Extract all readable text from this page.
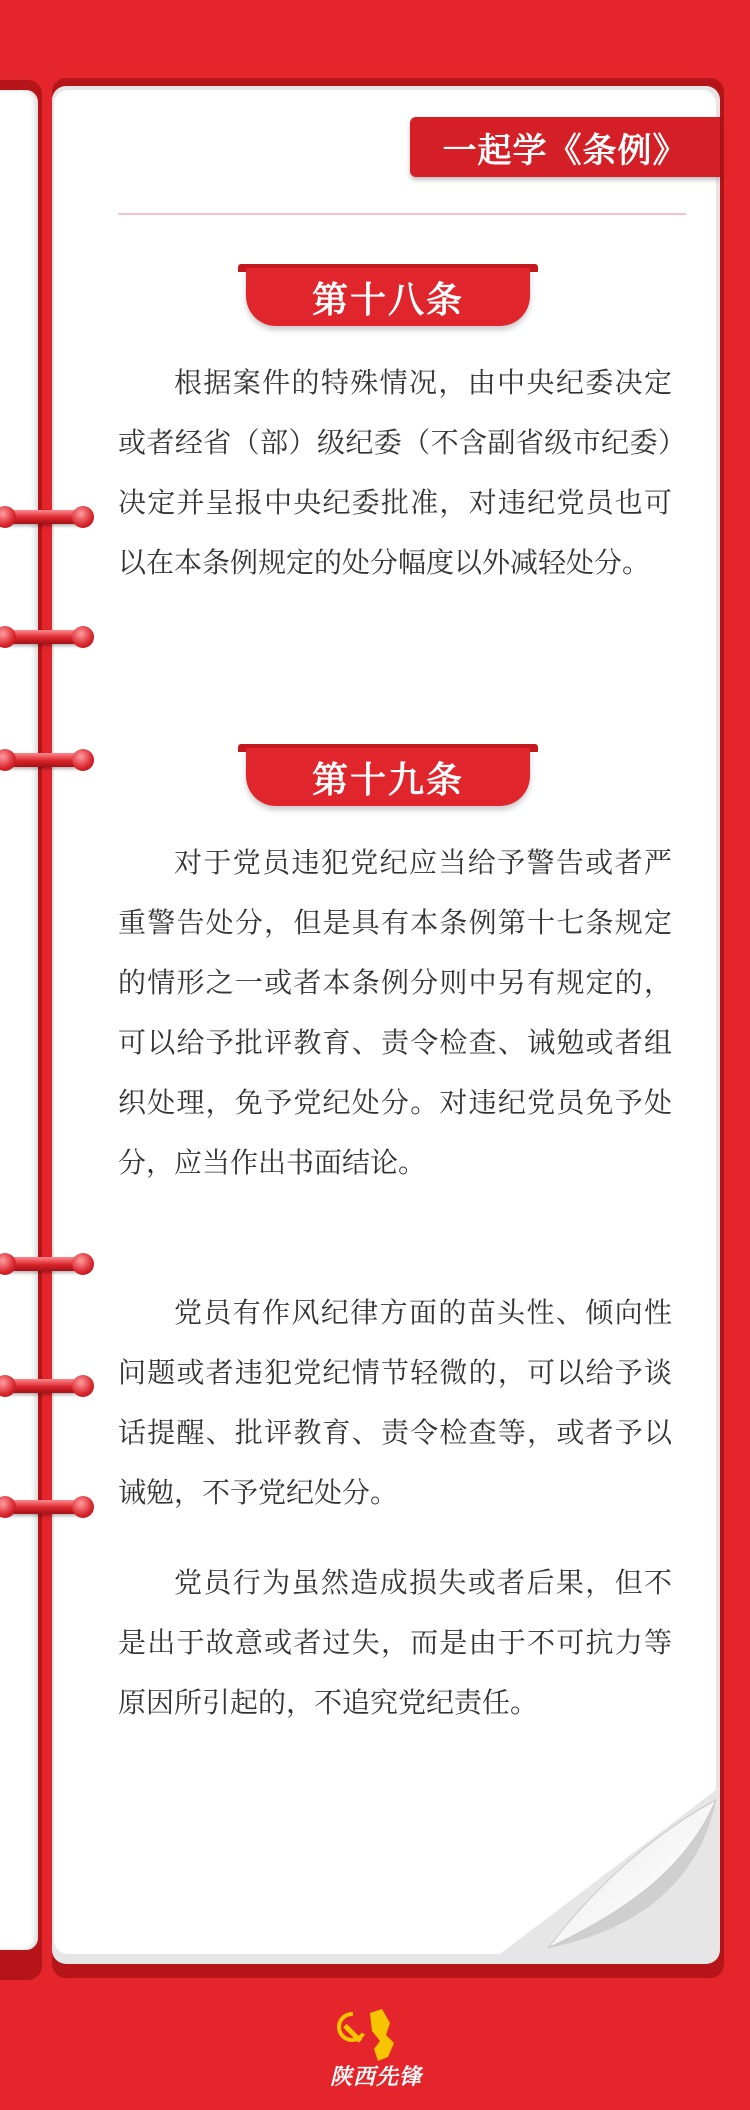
一起学《条例》
第十八条

根据案件的特殊情况，由中央纪委决定或者经省（部）级纪委（不含副省级市纪委）决定并呈报中央纪委批准，对违纪党员也可以在本条例规定的处分幅度以外减轻处分。

第十九条

对于党员违犯党纪应当给予警告或者严重警告处分，但是具有本条例第十七条规定的情形之一或者本条例分则中另有规定的，可以给予批评教育、责令检查、诫勉或者组织处理，免予党纪处分。对违纪党员免予处分，应当作出书面结论。

党员有作风纪律方面的苗头性、倾向性问题或者违犯党纪情节轻微的，可以给予谈话提醒、批评教育、责令检查等，或者予以诫勉，不予党纪处分。

党员行为虽然造成损失或者后果，但不是出于故意或者过失，而是由于不可抗力等原因所引起的，不追究党纪责任。

陕西先锋
